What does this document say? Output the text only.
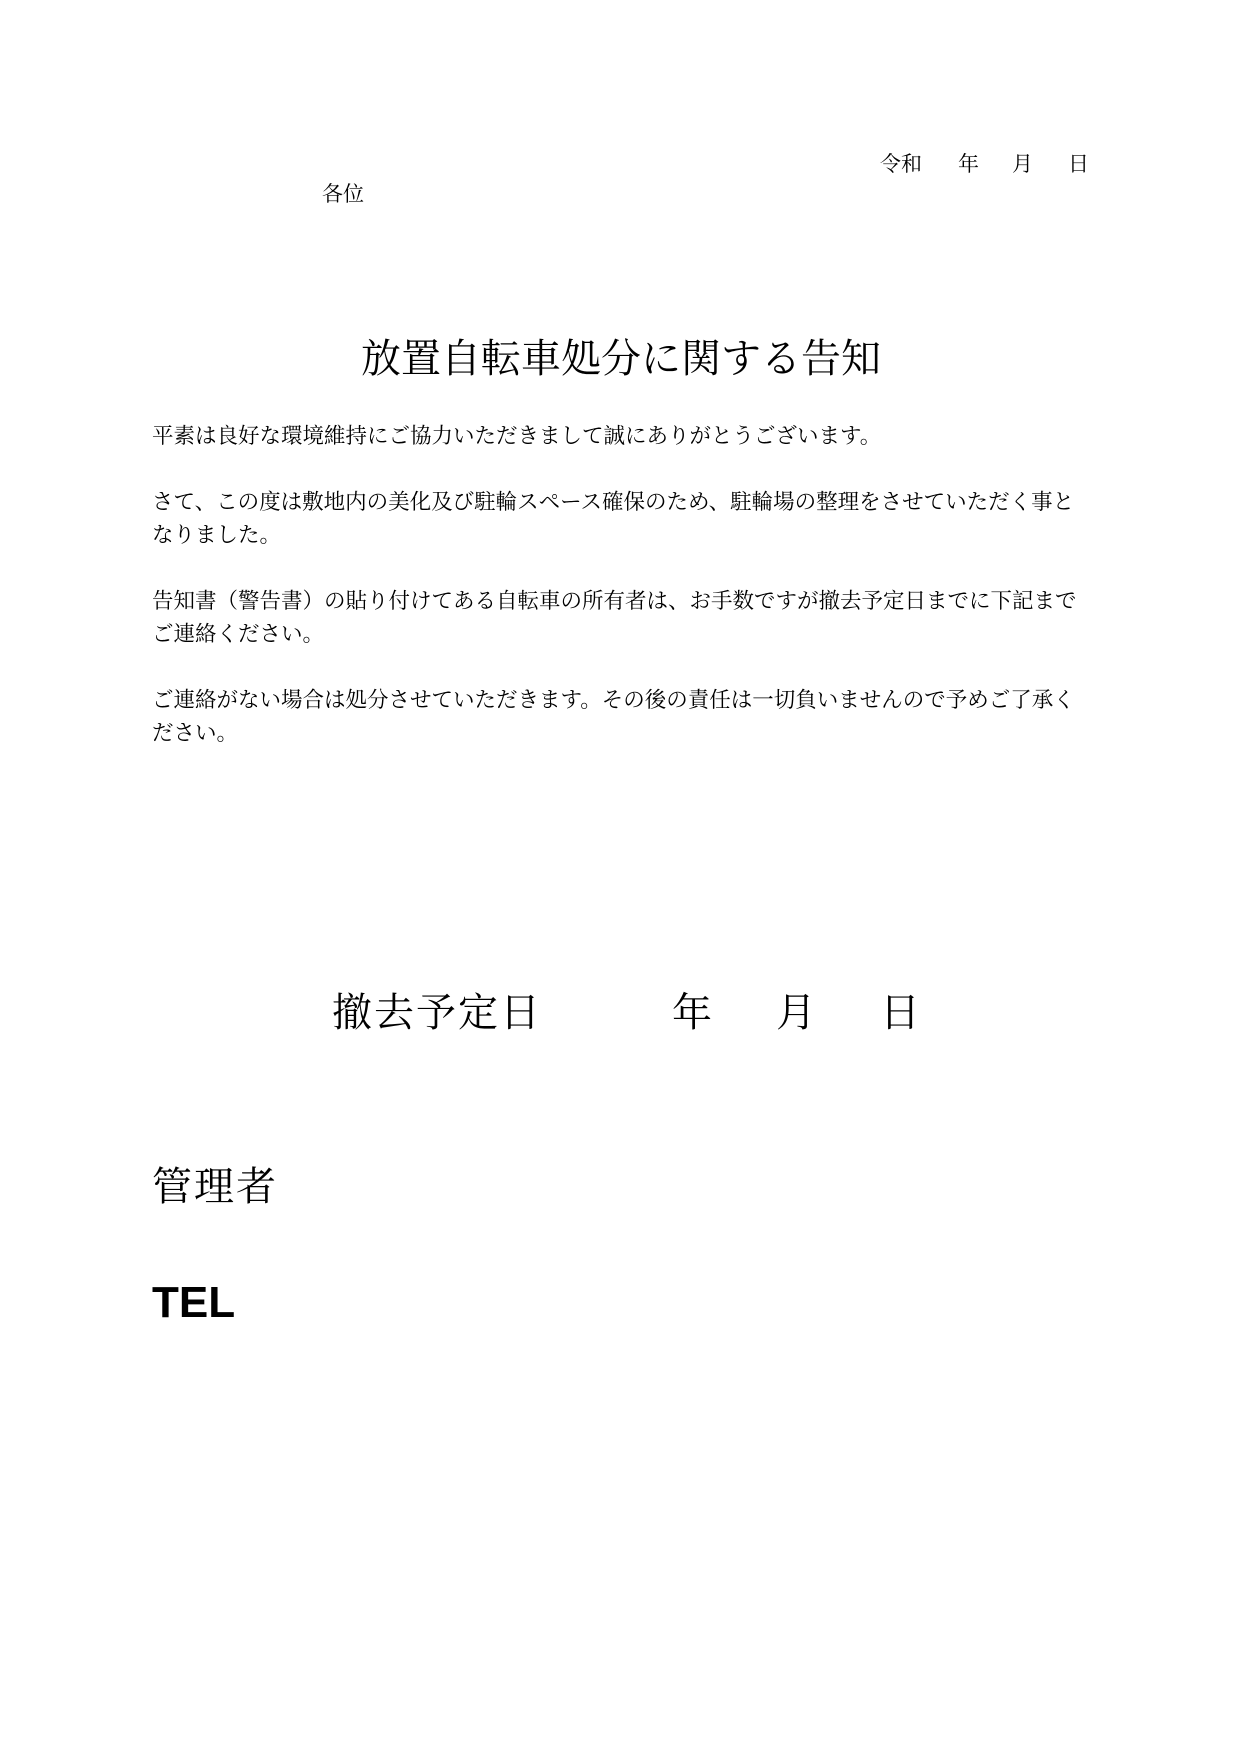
令和	年	月	日
各位
放置自転車処分に関する告知

平素は良好な環境維持にご協力いただきまして誠にありがとうございます。

さて、この度は敷地内の美化及び駐輪スペース確保のため、駐輪場の整理をさせていただく事となりました。

告知書（警告書）の貼り付けてある自転車の所有者は、お手数ですが撤去予定日までに下記までご連絡ください。

ご連絡がない場合は処分させていただきます。その後の責任は一切負いませんので予めご了承ください。

撤去予定日	年	月	日
管理者
TEL
